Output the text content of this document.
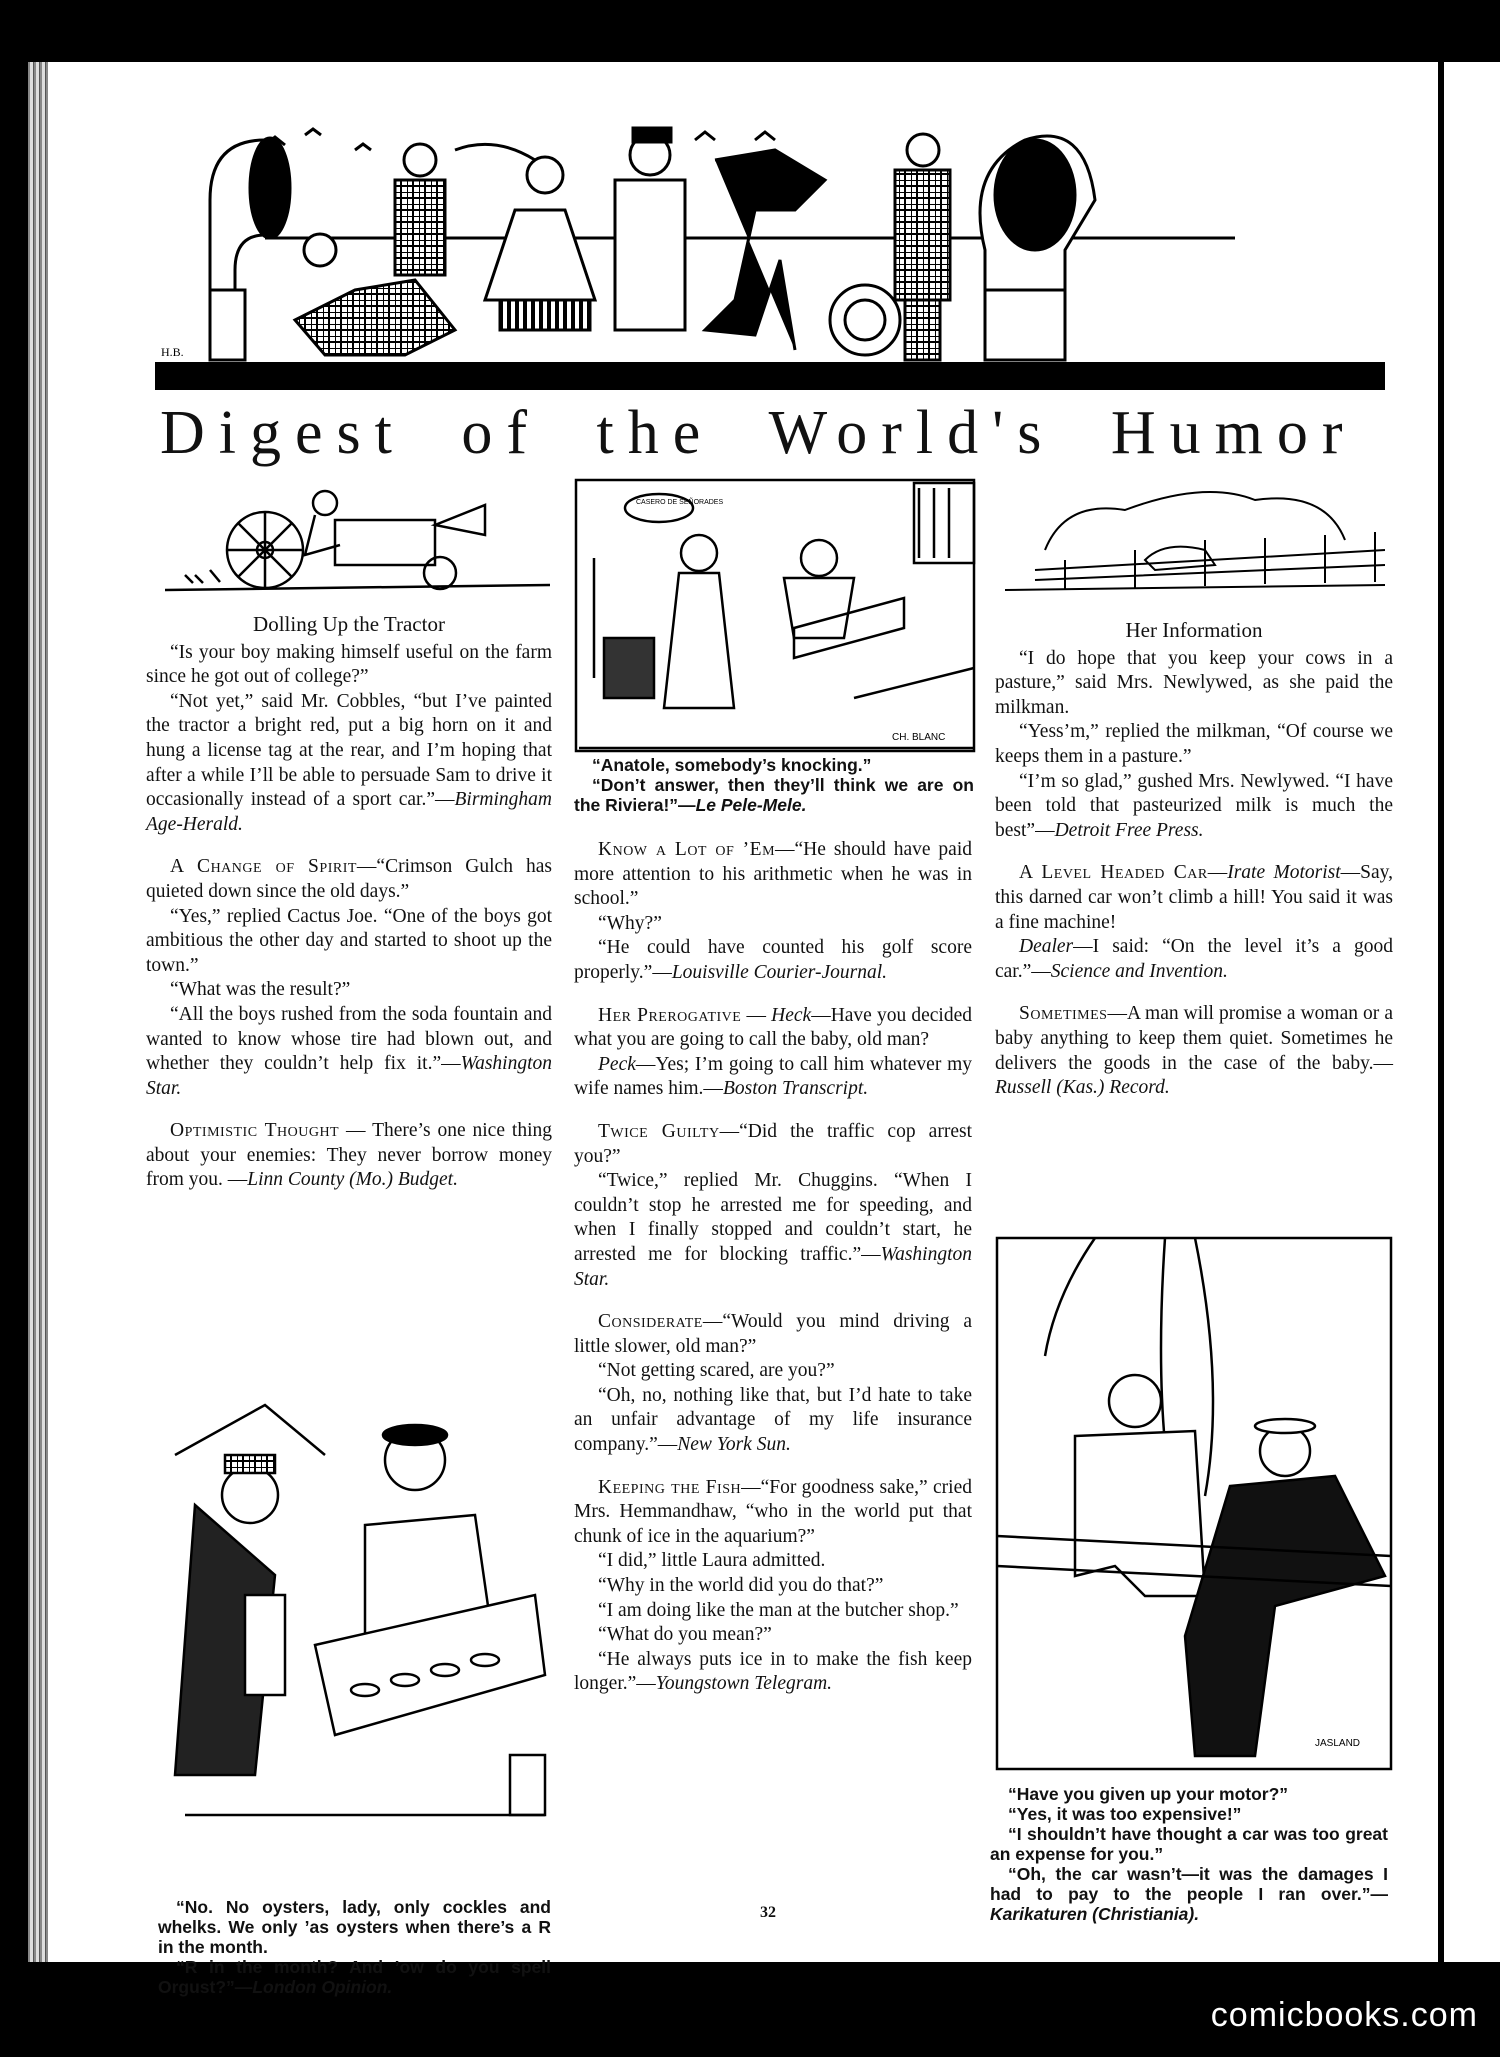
H.B.
Digest of the World's Humor

Dolling Up the Tractor

“Is your boy making himself useful on the farm since he got out of college?”

“Not yet,” said Mr. Cobbles, “but I’ve painted the tractor a bright red, put a big horn on it and hung a license tag at the rear, and I’m hoping that after a while I’ll be able to persuade Sam to drive it occasionally instead of a sport car.”—Birmingham Age-Herald.

A Change of Spirit—“Crimson Gulch has quieted down since the old days.”

“Yes,” replied Cactus Joe. “One of the boys got ambitious the other day and started to shoot up the town.”

“What was the result?”

“All the boys rushed from the soda fountain and wanted to know whose tire had blown out, and whether they couldn’t help fix it.”—Washington Star.

Optimistic Thought — There’s one nice thing about your enemies: They never borrow money from you. —Linn County (Mo.) Budget.

“No. No oysters, lady, only cockles and whelks. We only ’as oysters when there’s a R in the month.

“R in the month? And ’ow do you spell Orgust?”—London Opinion.

CASERO DE SEÑORADES
CH. BLANC

“Anatole, somebody’s knocking.”

“Don’t answer, then they’ll think we are on the Riviera!”—Le Pele-Mele.

Know a Lot of ’Em—“He should have paid more attention to his arithmetic when he was in school.”

“Why?”

“He could have counted his golf score properly.”—Louisville Courier-Journal.

Her Prerogative — Heck—Have you decided what you are going to call the baby, old man?

Peck—Yes; I’m going to call him whatever my wife names him.—Boston Transcript.

Twice Guilty—“Did the traffic cop arrest you?”

“Twice,” replied Mr. Chuggins. “When I couldn’t stop he arrested me for speeding, and when I finally stopped and couldn’t start, he arrested me for blocking traffic.”—Washington Star.

Considerate—“Would you mind driving a little slower, old man?”

“Not getting scared, are you?”

“Oh, no, nothing like that, but I’d hate to take an unfair advantage of my life insurance company.”—New York Sun.

Keeping the Fish—“For goodness sake,” cried Mrs. Hemmandhaw, “who in the world put that chunk of ice in the aquarium?”

“I did,” little Laura admitted.

“Why in the world did you do that?”

“I am doing like the man at the butcher shop.”

“What do you mean?”

“He always puts ice in to make the fish keep longer.”—Youngstown Telegram.

Her Information

“I do hope that you keep your cows in a pasture,” said Mrs. Newlywed, as she paid the milkman.

“Yess’m,” replied the milkman, “Of course we keeps them in a pasture.”

“I’m so glad,” gushed Mrs. Newlywed. “I have been told that pasteurized milk is much the best”—Detroit Free Press.

A Level Headed Car—Irate Motorist—Say, this darned car won’t climb a hill! You said it was a fine machine!

Dealer—I said: “On the level it’s a good car.”—Science and Invention.

Sometimes—A man will promise a woman or a baby anything to keep them quiet. Sometimes he delivers the goods in the case of the baby.—Russell (Kas.) Record.

JASLAND

“Have you given up your motor?”

“Yes, it was too expensive!”

“I shouldn’t have thought a car was too great an expense for you.”

“Oh, the car wasn’t—it was the damages I had to pay to the people I ran over.”—Karikaturen (Christiania).

32
comicbooks.com
